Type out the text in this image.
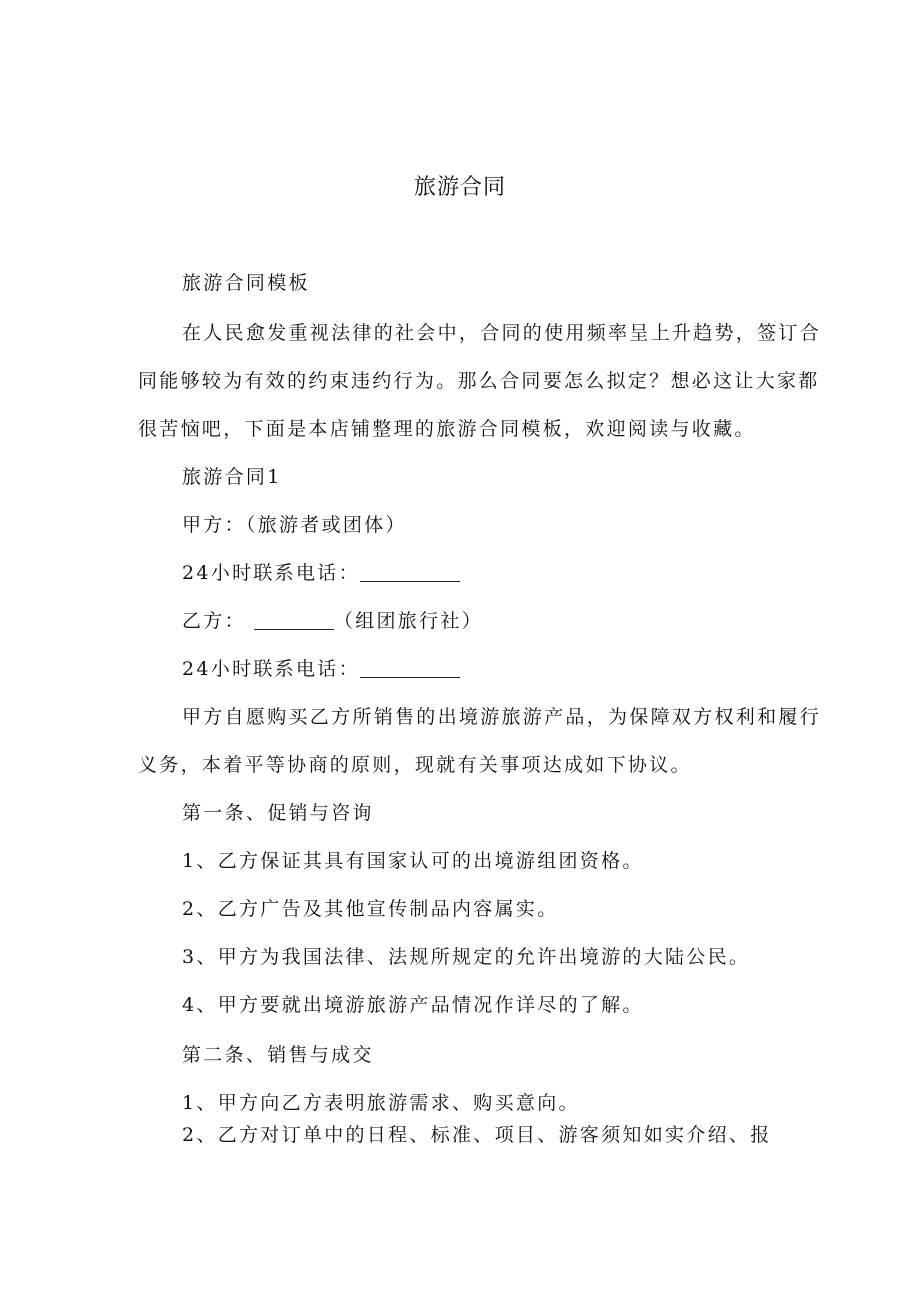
旅游合同
旅游合同模板
在人民愈发重视法律的社会中，合同的使用频率呈上升趋势，签订合
同能够较为有效的约束违约行为。那么合同要怎么拟定？想必这让大家都
很苦恼吧，下面是本店铺整理的旅游合同模板，欢迎阅读与收藏。
旅游合同1
甲方：（旅游者或团体）
24小时联系电话：
乙方：	（组团旅行社）
24小时联系电话：
甲方自愿购买乙方所销售的出境游旅游产品，为保障双方权利和履行
义务，本着平等协商的原则，现就有关事项达成如下协议。
第一条、促销与咨询
1、乙方保证其具有国家认可的出境游组团资格。
2、乙方广告及其他宣传制品内容属实。
3、甲方为我国法律、法规所规定的允许出境游的大陆公民。
4、甲方要就出境游旅游产品情况作详尽的了解。
第二条、销售与成交
1、甲方向乙方表明旅游需求、购买意向。
2、乙方对订单中的日程、标准、项目、游客须知如实介绍、报
